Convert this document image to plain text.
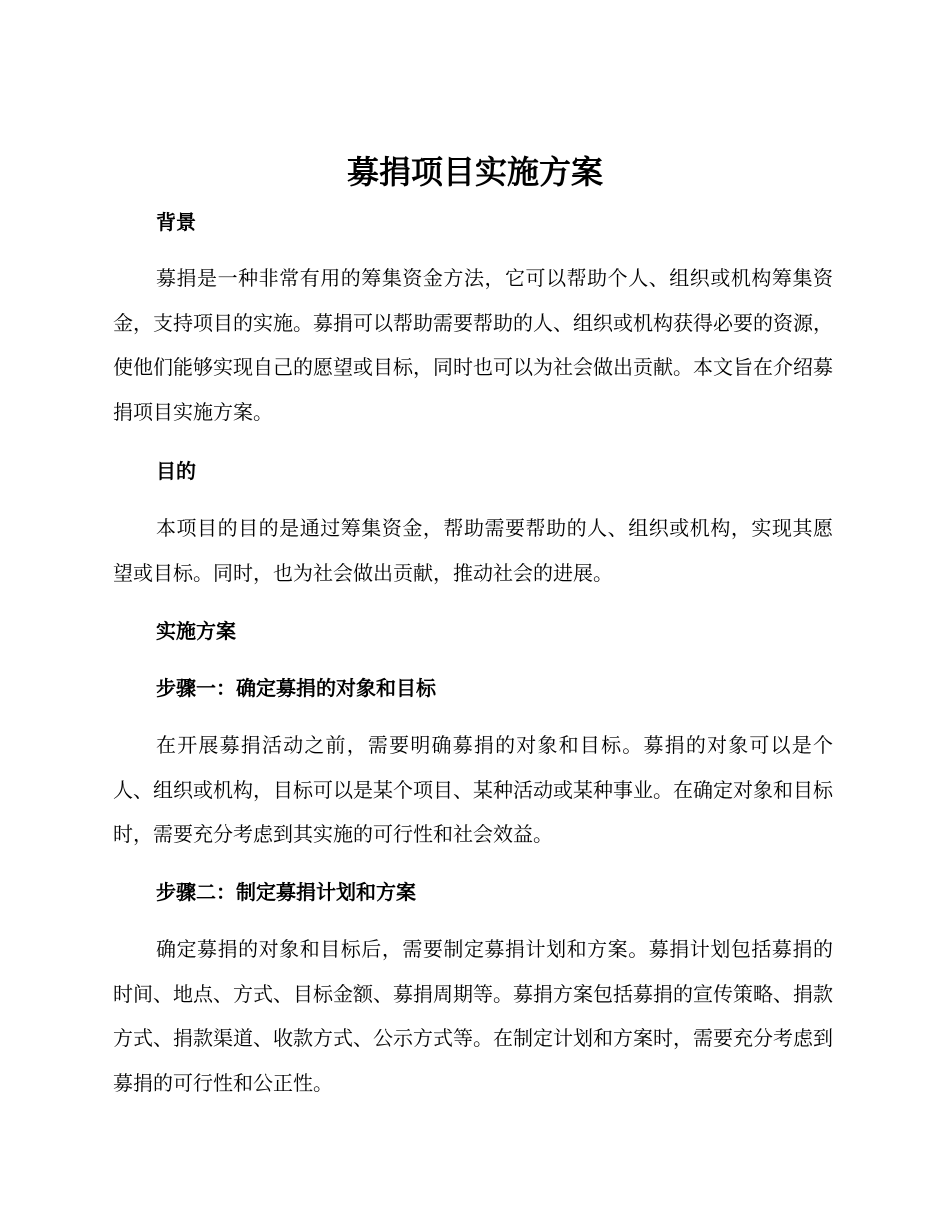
募捐项目实施方案
背景
募捐是一种非常有用的筹集资金方法，它可以帮助个人、组织或机构筹集资金，支持项目的实施。募捐可以帮助需要帮助的人、组织或机构获得必要的资源，使他们能够实现自己的愿望或目标，同时也可以为社会做出贡献。本文旨在介绍募捐项目实施方案。
目的
本项目的目的是通过筹集资金，帮助需要帮助的人、组织或机构，实现其愿望或目标。同时，也为社会做出贡献，推动社会的进展。
实施方案
步骤一：确定募捐的对象和目标
在开展募捐活动之前，需要明确募捐的对象和目标。募捐的对象可以是个人、组织或机构，目标可以是某个项目、某种活动或某种事业。在确定对象和目标时，需要充分考虑到其实施的可行性和社会效益。
步骤二：制定募捐计划和方案
确定募捐的对象和目标后，需要制定募捐计划和方案。募捐计划包括募捐的时间、地点、方式、目标金额、募捐周期等。募捐方案包括募捐的宣传策略、捐款方式、捐款渠道、收款方式、公示方式等。在制定计划和方案时，需要充分考虑到募捐的可行性和公正性。
